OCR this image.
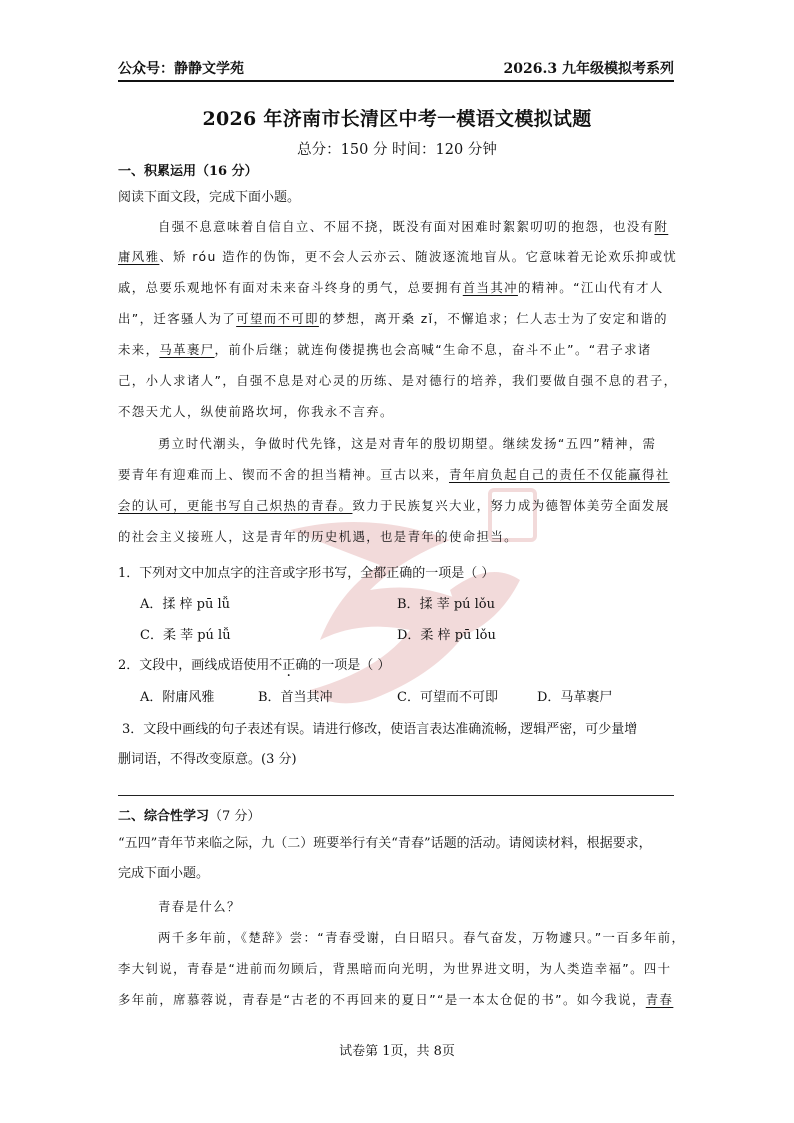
公众号：静静文学苑	2026.3 九年级模拟考系列
2026 年济南市长清区中考一模语文模拟试题
总分：150 分 时间：120 分钟
一、积累运用（16 分）
阅读下面文段，完成下面小题。
自强不息意味着自信自立、不屈不挠，既没有面对困难时絮絮叨叨的抱怨，也没有附
庸风雅、矫 róu 造作的伪饰，更不会人云亦云、随波逐流地盲从。它意味着无论欢乐抑或忧
戚，总要乐观地怀有面对未来奋斗终身的勇气，总要拥有首当其冲的精神。“江山代有才人
出”，迁客骚人为了可望而不可即的梦想，离开桑 zǐ，不懈追求；仁人志士为了安定和谐的
未来，马革裹尸，前仆后继；就连佝偻提携也会高喊“生命不息，奋斗不止”。“君子求诸
己，小人求诸人”，自强不息是对心灵的历练、是对德行的培养，我们要做自强不息的君子，
不怨天尤人，纵使前路坎坷，你我永不言弃。
勇立时代潮头，争做时代先锋，这是对青年的殷切期望。继续发扬“五四”精神，需
要青年有迎难而上、锲而不舍的担当精神。亘古以来，青年肩负起自己的责任不仅能赢得社
会的认可，更能书写自己炽热的青春。致力于民族复兴大业，努力成为德智体美劳全面发展
的社会主义接班人，这是青年的历史机遇，也是青年的使命担当。
1．下列对文中加点字的注音或字形书写，全都正确的一项是（ ）
A．揉 梓 pū lǚ	B．揉 莘 pú lǒu
C．柔 莘 pú lǚ	D．柔 梓 pū lǒu
2．文段中，画线成语使用不正确的一项是（ ）
A．附庸风雅	B．首当其冲	C．可望而不可即	D．马革裹尸
3．文段中画线的句子表述有误。请进行修改，使语言表达准确流畅，逻辑严密，可少量增
删词语，不得改变原意。(3 分)
二、综合性学习（7 分）
“五四”青年节来临之际，九（二）班要举行有关“青春”话题的活动。请阅读材料，根据要求，
完成下面小题。
青春是什么？
两千多年前，《楚辞》尝：“青春受谢，白日昭只。春气奋发，万物遽只。”一百多年前，
李大钊说，青春是“进前而勿顾后，背黑暗而向光明，为世界进文明，为人类造幸福”。四十
多年前，席慕蓉说，青春是“古老的不再回来的夏日”“是一本太仓促的书”。如今我说，青春
试卷第 1页，共 8页
